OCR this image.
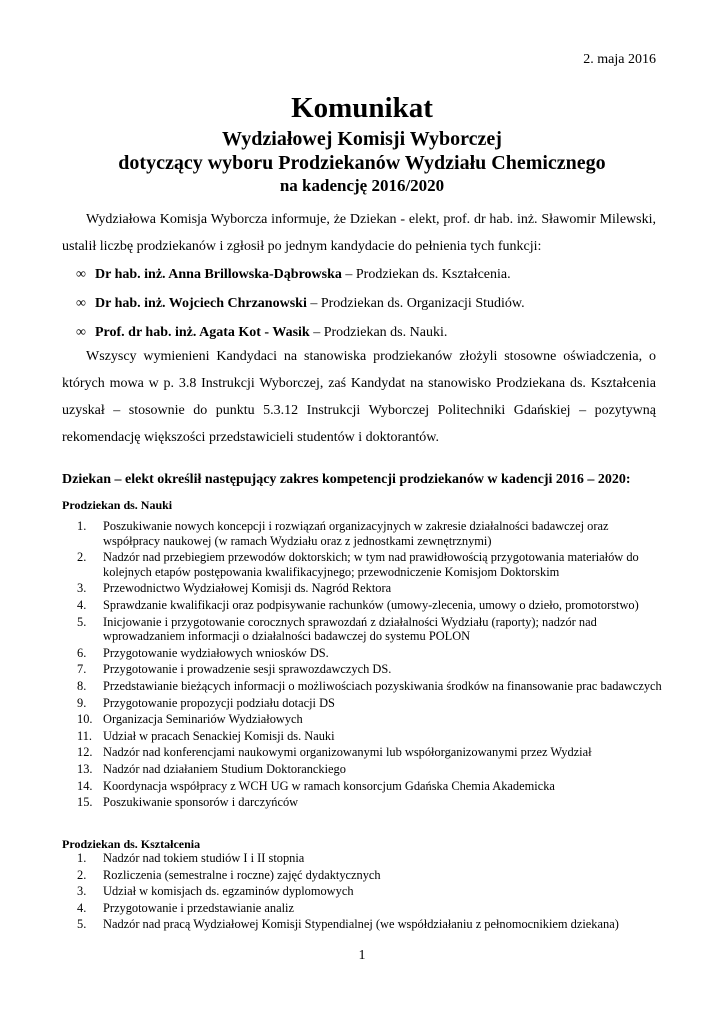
2. maja 2016
Komunikat
Wydziałowej Komisji Wyborczej
dotyczący wyboru Prodziekanów Wydziału Chemicznego
na kadencję 2016/2020
Wydziałowa Komisja Wyborcza informuje, że Dziekan - elekt, prof. dr hab. inż. Sławomir Milewski, ustalił liczbę prodziekanów i zgłosił po jednym kandydacie do pełnienia tych funkcji:
∞ Dr hab. inż. Anna Brillowska-Dąbrowska – Prodziekan ds. Kształcenia.
∞ Dr hab. inż. Wojciech Chrzanowski – Prodziekan ds. Organizacji Studiów.
∞ Prof. dr hab. inż. Agata Kot - Wasik – Prodziekan ds. Nauki.
Wszyscy wymienieni Kandydaci na stanowiska prodziekanów złożyli stosowne oświadczenia, o których mowa w p. 3.8 Instrukcji Wyborczej, zaś Kandydat na stanowisko Prodziekana ds. Kształcenia uzyskał – stosownie do punktu 5.3.12 Instrukcji Wyborczej Politechniki Gdańskiej – pozytywną rekomendację większości przedstawicieli studentów i doktorantów.
Dziekan – elekt określił następujący zakres kompetencji prodziekanów w kadencji 2016 – 2020:
Prodziekan ds. Nauki
1.	Poszukiwanie nowych koncepcji i rozwiązań organizacyjnych w zakresie działalności badawczej oraz współpracy naukowej (w ramach Wydziału oraz z jednostkami zewnętrznymi)
2.	Nadzór nad przebiegiem przewodów doktorskich; w tym nad prawidłowością przygotowania materiałów do kolejnych etapów postępowania kwalifikacyjnego; przewodniczenie Komisjom Doktorskim
3.	Przewodnictwo Wydziałowej Komisji ds. Nagród Rektora
4.	Sprawdzanie kwalifikacji oraz podpisywanie rachunków (umowy-zlecenia, umowy o dzieło, promotorstwo)
5.	Inicjowanie i przygotowanie corocznych sprawozdań z działalności Wydziału (raporty); nadzór nad wprowadzaniem informacji o działalności badawczej do systemu POLON
6.	Przygotowanie wydziałowych wniosków DS.
7.	Przygotowanie i prowadzenie sesji sprawozdawczych DS.
8.	Przedstawianie bieżących informacji o możliwościach pozyskiwania środków na finansowanie prac badawczych
9.	Przygotowanie propozycji podziału dotacji DS
10. Organizacja Seminariów Wydziałowych
11. Udział w pracach Senackiej Komisji ds. Nauki
12. Nadzór nad konferencjami naukowymi organizowanymi lub współorganizowanymi przez Wydział
13. Nadzór nad działaniem Studium Doktoranckiego
14. Koordynacja współpracy z WCH UG w ramach konsorcjum Gdańska Chemia Akademicka
15. Poszukiwanie sponsorów i darczyńców
Prodziekan ds. Kształcenia
1.	Nadzór nad tokiem studiów I i II stopnia
2.	Rozliczenia (semestralne i roczne) zajęć dydaktycznych
3.	Udział w komisjach ds. egzaminów dyplomowych
4.	Przygotowanie i przedstawianie analiz
5.	Nadzór nad pracą Wydziałowej Komisji Stypendialnej (we współdziałaniu z pełnomocnikiem dziekana)
1
